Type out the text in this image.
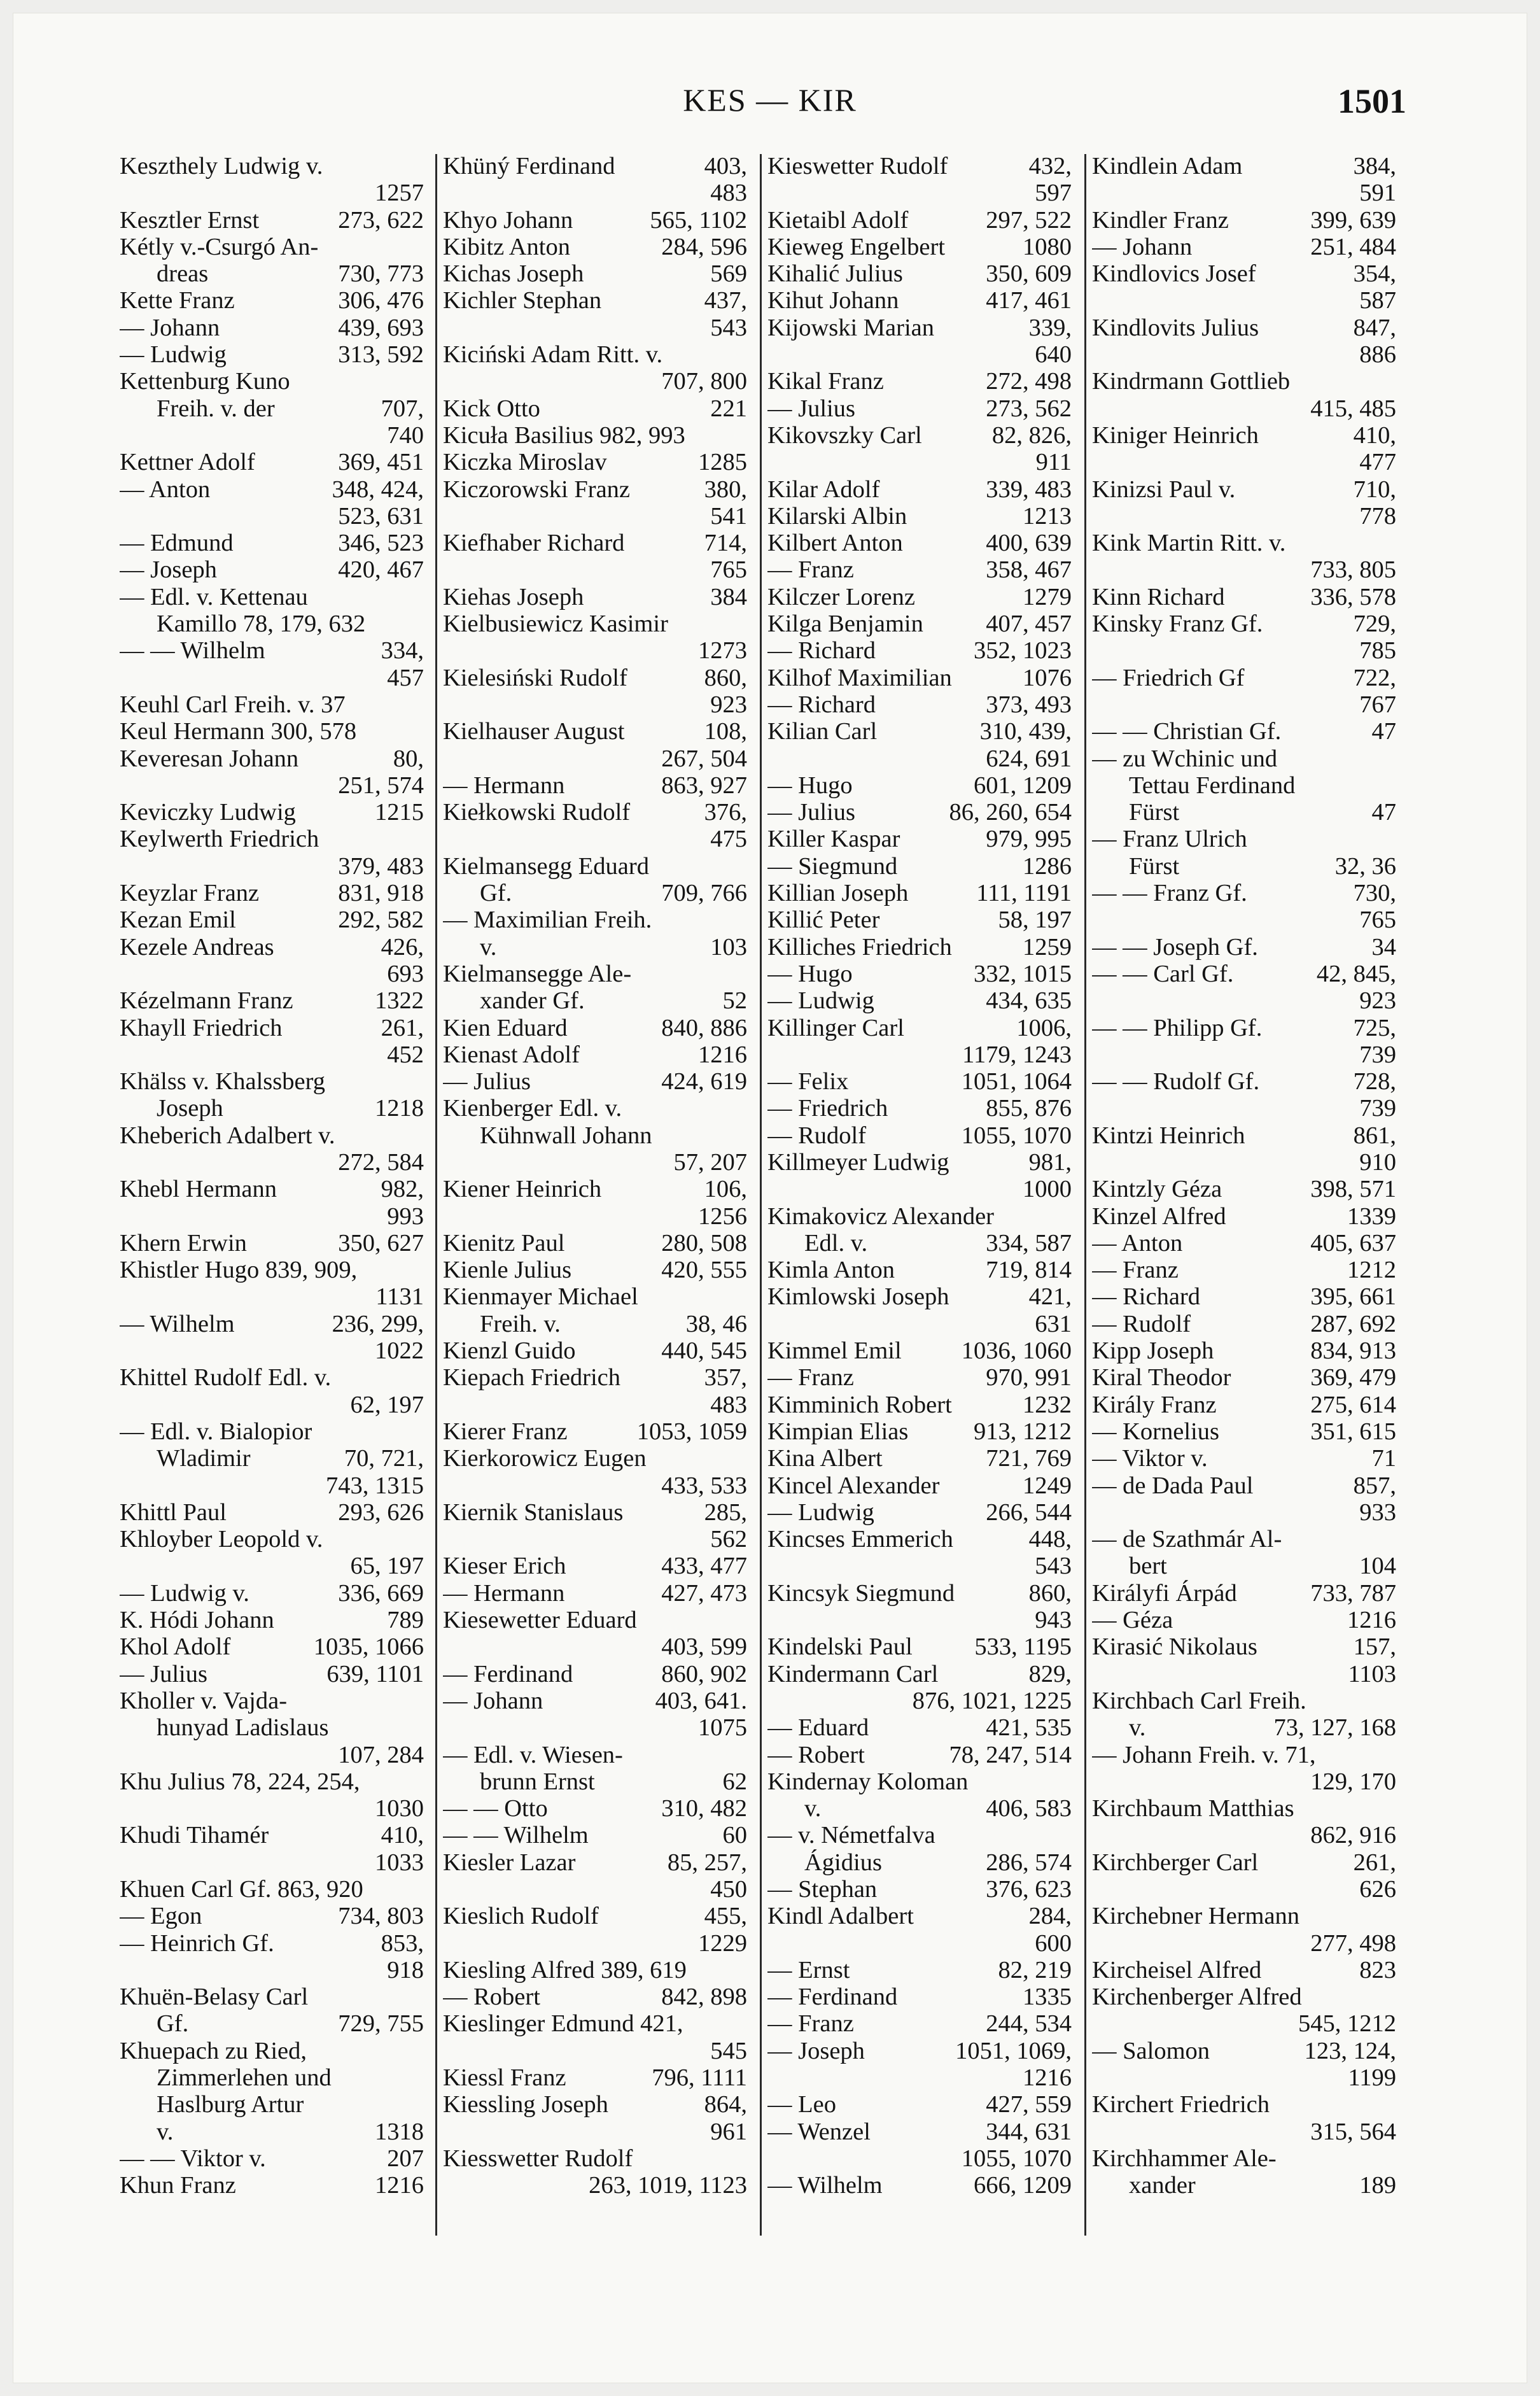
KES — KIR	1501
Keszthely Ludwig v.
1257
Kesztler Ernst	273, 622
Kétly v.-Csurgó An-
dreas	730, 773
Kette Franz	306, 476
— Johann	439, 693
— Ludwig	313, 592
Kettenburg Kuno
Freih. v. der	707,
740
Kettner Adolf	369, 451
— Anton	348, 424,
523, 631
— Edmund	346, 523
— Joseph	420, 467
— Edl. v. Kettenau
Kamillo 78, 179, 632
— — Wilhelm	334,
457
Keuhl Carl Freih. v. 37
Keul Hermann 300, 578
Keveresan Johann	80,
251, 574
Keviczky Ludwig	1215
Keylwerth Friedrich
379, 483
Keyzlar Franz	831, 918
Kezan Emil	292, 582
Kezele Andreas	426,
693
Kézelmann Franz	1322
Khayll Friedrich	261,
452
Khälss v. Khalssberg
Joseph	1218
Kheberich Adalbert v.
272, 584
Khebl Hermann	982,
993
Khern Erwin	350, 627
Khistler Hugo 839, 909,
1131
— Wilhelm	236, 299,
1022
Khittel Rudolf Edl. v.
62, 197
— Edl. v. Bialopior
Wladimir	70, 721,
743, 1315
Khittl Paul	293, 626
Khloyber Leopold v.
65, 197
— Ludwig v.	336, 669
K. Hódi Johann	789
Khol Adolf	1035, 1066
— Julius	639, 1101
Kholler v. Vajda-
hunyad Ladislaus
107, 284
Khu Julius 78, 224, 254,
1030
Khudi Tihamér	410,
1033
Khuen Carl Gf. 863, 920
— Egon	734, 803
— Heinrich Gf.	853,
918
Khuën-Belasy Carl
Gf.	729, 755
Khuepach zu Ried,
Zimmerlehen und
Haslburg Artur
v.	1318
— — Viktor v.	207
Khun Franz	1216
Khüný Ferdinand	403,
483
Khyo Johann	565, 1102
Kibitz Anton	284, 596
Kichas Joseph	569
Kichler Stephan	437,
543
Kiciński Adam Ritt. v.
707, 800
Kick Otto	221
Kicuła Basilius 982, 993
Kiczka Miroslav	1285
Kiczorowski Franz	380,
541
Kiefhaber Richard	714,
765
Kiehas Joseph	384
Kielbusiewicz Kasimir
1273
Kielesiński Rudolf	860,
923
Kielhauser August	108,
267, 504
— Hermann	863, 927
Kiełkowski Rudolf	376,
475
Kielmansegg Eduard
Gf.	709, 766
— Maximilian Freih.
v.	103
Kielmansegge Ale-
xander Gf.	52
Kien Eduard	840, 886
Kienast Adolf	1216
— Julius	424, 619
Kienberger Edl. v.
Kühnwall Johann
57, 207
Kiener Heinrich	106,
1256
Kienitz Paul	280, 508
Kienle Julius	420, 555
Kienmayer Michael
Freih. v.	38, 46
Kienzl Guido	440, 545
Kiepach Friedrich	357,
483
Kierer Franz	1053, 1059
Kierkorowicz Eugen
433, 533
Kiernik Stanislaus	285,
562
Kieser Erich	433, 477
— Hermann	427, 473
Kiesewetter Eduard
403, 599
— Ferdinand	860, 902
— Johann	403, 641.
1075
— Edl. v. Wiesen-
brunn Ernst	62
— — Otto	310, 482
— — Wilhelm	60
Kiesler Lazar	85, 257,
450
Kieslich Rudolf	455,
1229
Kiesling Alfred 389, 619
— Robert	842, 898
Kieslinger Edmund 421,
545
Kiessl Franz	796, 1111
Kiessling Joseph	864,
961
Kiesswetter Rudolf
263, 1019, 1123
Kieswetter Rudolf	432,
597
Kietaibl Adolf	297, 522
Kieweg Engelbert	1080
Kihalić Julius	350, 609
Kihut Johann	417, 461
Kijowski Marian	339,
640
Kikal Franz	272, 498
— Julius	273, 562
Kikovszky Carl	82, 826,
911
Kilar Adolf	339, 483
Kilarski Albin	1213
Kilbert Anton	400, 639
— Franz	358, 467
Kilczer Lorenz	1279
Kilga Benjamin	407, 457
— Richard	352, 1023
Kilhof Maximilian	1076
— Richard	373, 493
Kilian Carl	310, 439,
624, 691
— Hugo	601, 1209
— Julius	86, 260, 654
Killer Kaspar	979, 995
— Siegmund	1286
Killian Joseph	111, 1191
Killić Peter	58, 197
Killiches Friedrich	1259
— Hugo	332, 1015
— Ludwig	434, 635
Killinger Carl	1006,
1179, 1243
— Felix	1051, 1064
— Friedrich	855, 876
— Rudolf	1055, 1070
Killmeyer Ludwig	981,
1000
Kimakovicz Alexander
Edl. v.	334, 587
Kimla Anton	719, 814
Kimlowski Joseph	421,
631
Kimmel Emil 1036, 1060
— Franz	970, 991
Kimminich Robert	1232
Kimpian Elias	913, 1212
Kina Albert	721, 769
Kincel Alexander	1249
— Ludwig	266, 544
Kincses Emmerich	448,
543
Kincsyk Siegmund	860,
943
Kindelski Paul	533, 1195
Kindermann Carl	829,
876, 1021, 1225
— Eduard	421, 535
— Robert	78, 247, 514
Kindernay Koloman
v.	406, 583
— v. Németfalva
Ágidius	286, 574
— Stephan	376, 623
Kindl Adalbert	284,
600
— Ernst	82, 219
— Ferdinand	1335
— Franz	244, 534
— Joseph	1051, 1069,
1216
— Leo	427, 559
— Wenzel	344, 631
1055, 1070
— Wilhelm	666, 1209
Kindlein Adam	384,
591
Kindler Franz	399, 639
— Johann	251, 484
Kindlovics Josef	354,
587
Kindlovits Julius	847,
886
Kindrmann Gottlieb
415, 485
Kiniger Heinrich	410,
477
Kinizsi Paul v.	710,
778
Kink Martin Ritt. v.
733, 805
Kinn Richard	336, 578
Kinsky Franz Gf.	729,
785
— Friedrich Gf	722,
767
— — Christian Gf.	47
— zu Wchinic und
Tettau Ferdinand
Fürst	47
— Franz Ulrich
Fürst	32, 36
— — Franz Gf.	730,
765
— — Joseph Gf.	34
— — Carl Gf.	42, 845,
923
— — Philipp Gf.	725,
739
— — Rudolf Gf.	728,
739
Kintzi Heinrich	861,
910
Kintzly Géza	398, 571
Kinzel Alfred	1339
— Anton	405, 637
— Franz	1212
— Richard	395, 661
— Rudolf	287, 692
Kipp Joseph	834, 913
Kiral Theodor	369, 479
Király Franz	275, 614
— Kornelius	351, 615
— Viktor v.	71
— de Dada Paul	857,
933
— de Szathmár Al-
bert	104
Királyfi Árpád	733, 787
— Géza	1216
Kirasić Nikolaus	157,
1103
Kirchbach Carl Freih.
v.	73, 127, 168
— Johann Freih. v. 71,
129, 170
Kirchbaum Matthias
862, 916
Kirchberger Carl	261,
626
Kirchebner Hermann
277, 498
Kircheisel Alfred	823
Kirchenberger Alfred
545, 1212
— Salomon	123, 124,
1199
Kirchert Friedrich
315, 564
Kirchhammer Ale-
xander	189
